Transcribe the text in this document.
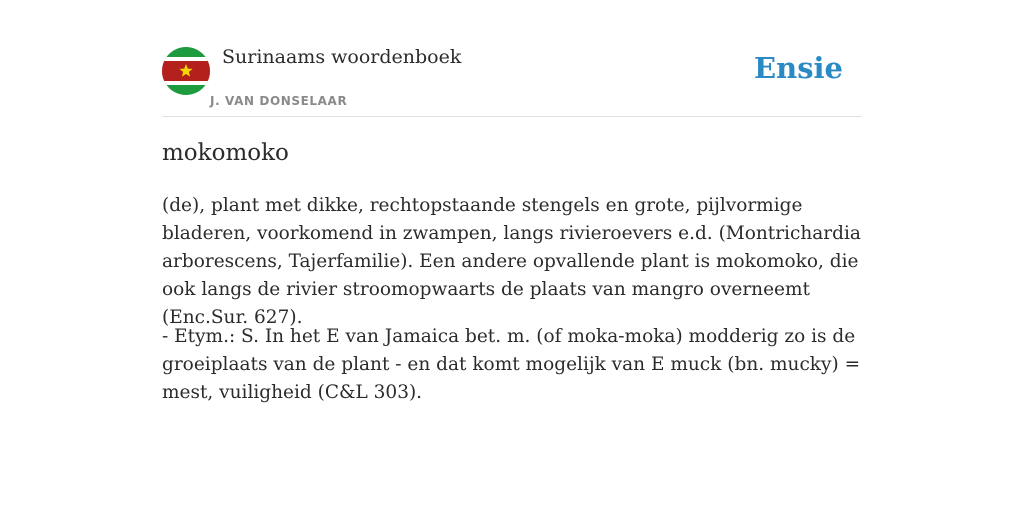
Surinaams woordenboek
J. VAN DONSELAAR
Ensie
mokomoko

(de), plant met dikke, rechtopstaande stengels en grote, pijlvormige bladeren, voorkomend in zwampen, langs rivieroevers e.d. (Montrichardia arborescens, Tajerfamilie). Een andere opvallende plant is mokomoko, die ook langs de rivier stroomopwaarts de plaats van mangro overneemt (Enc.Sur. 627).

- Etym.: S. In het E van Jamaica bet. m. (of moka-moka) modderig zo is de groeiplaats van de plant - en dat komt mogelijk van E muck (bn. mucky) = mest, vuiligheid (C&L 303).
